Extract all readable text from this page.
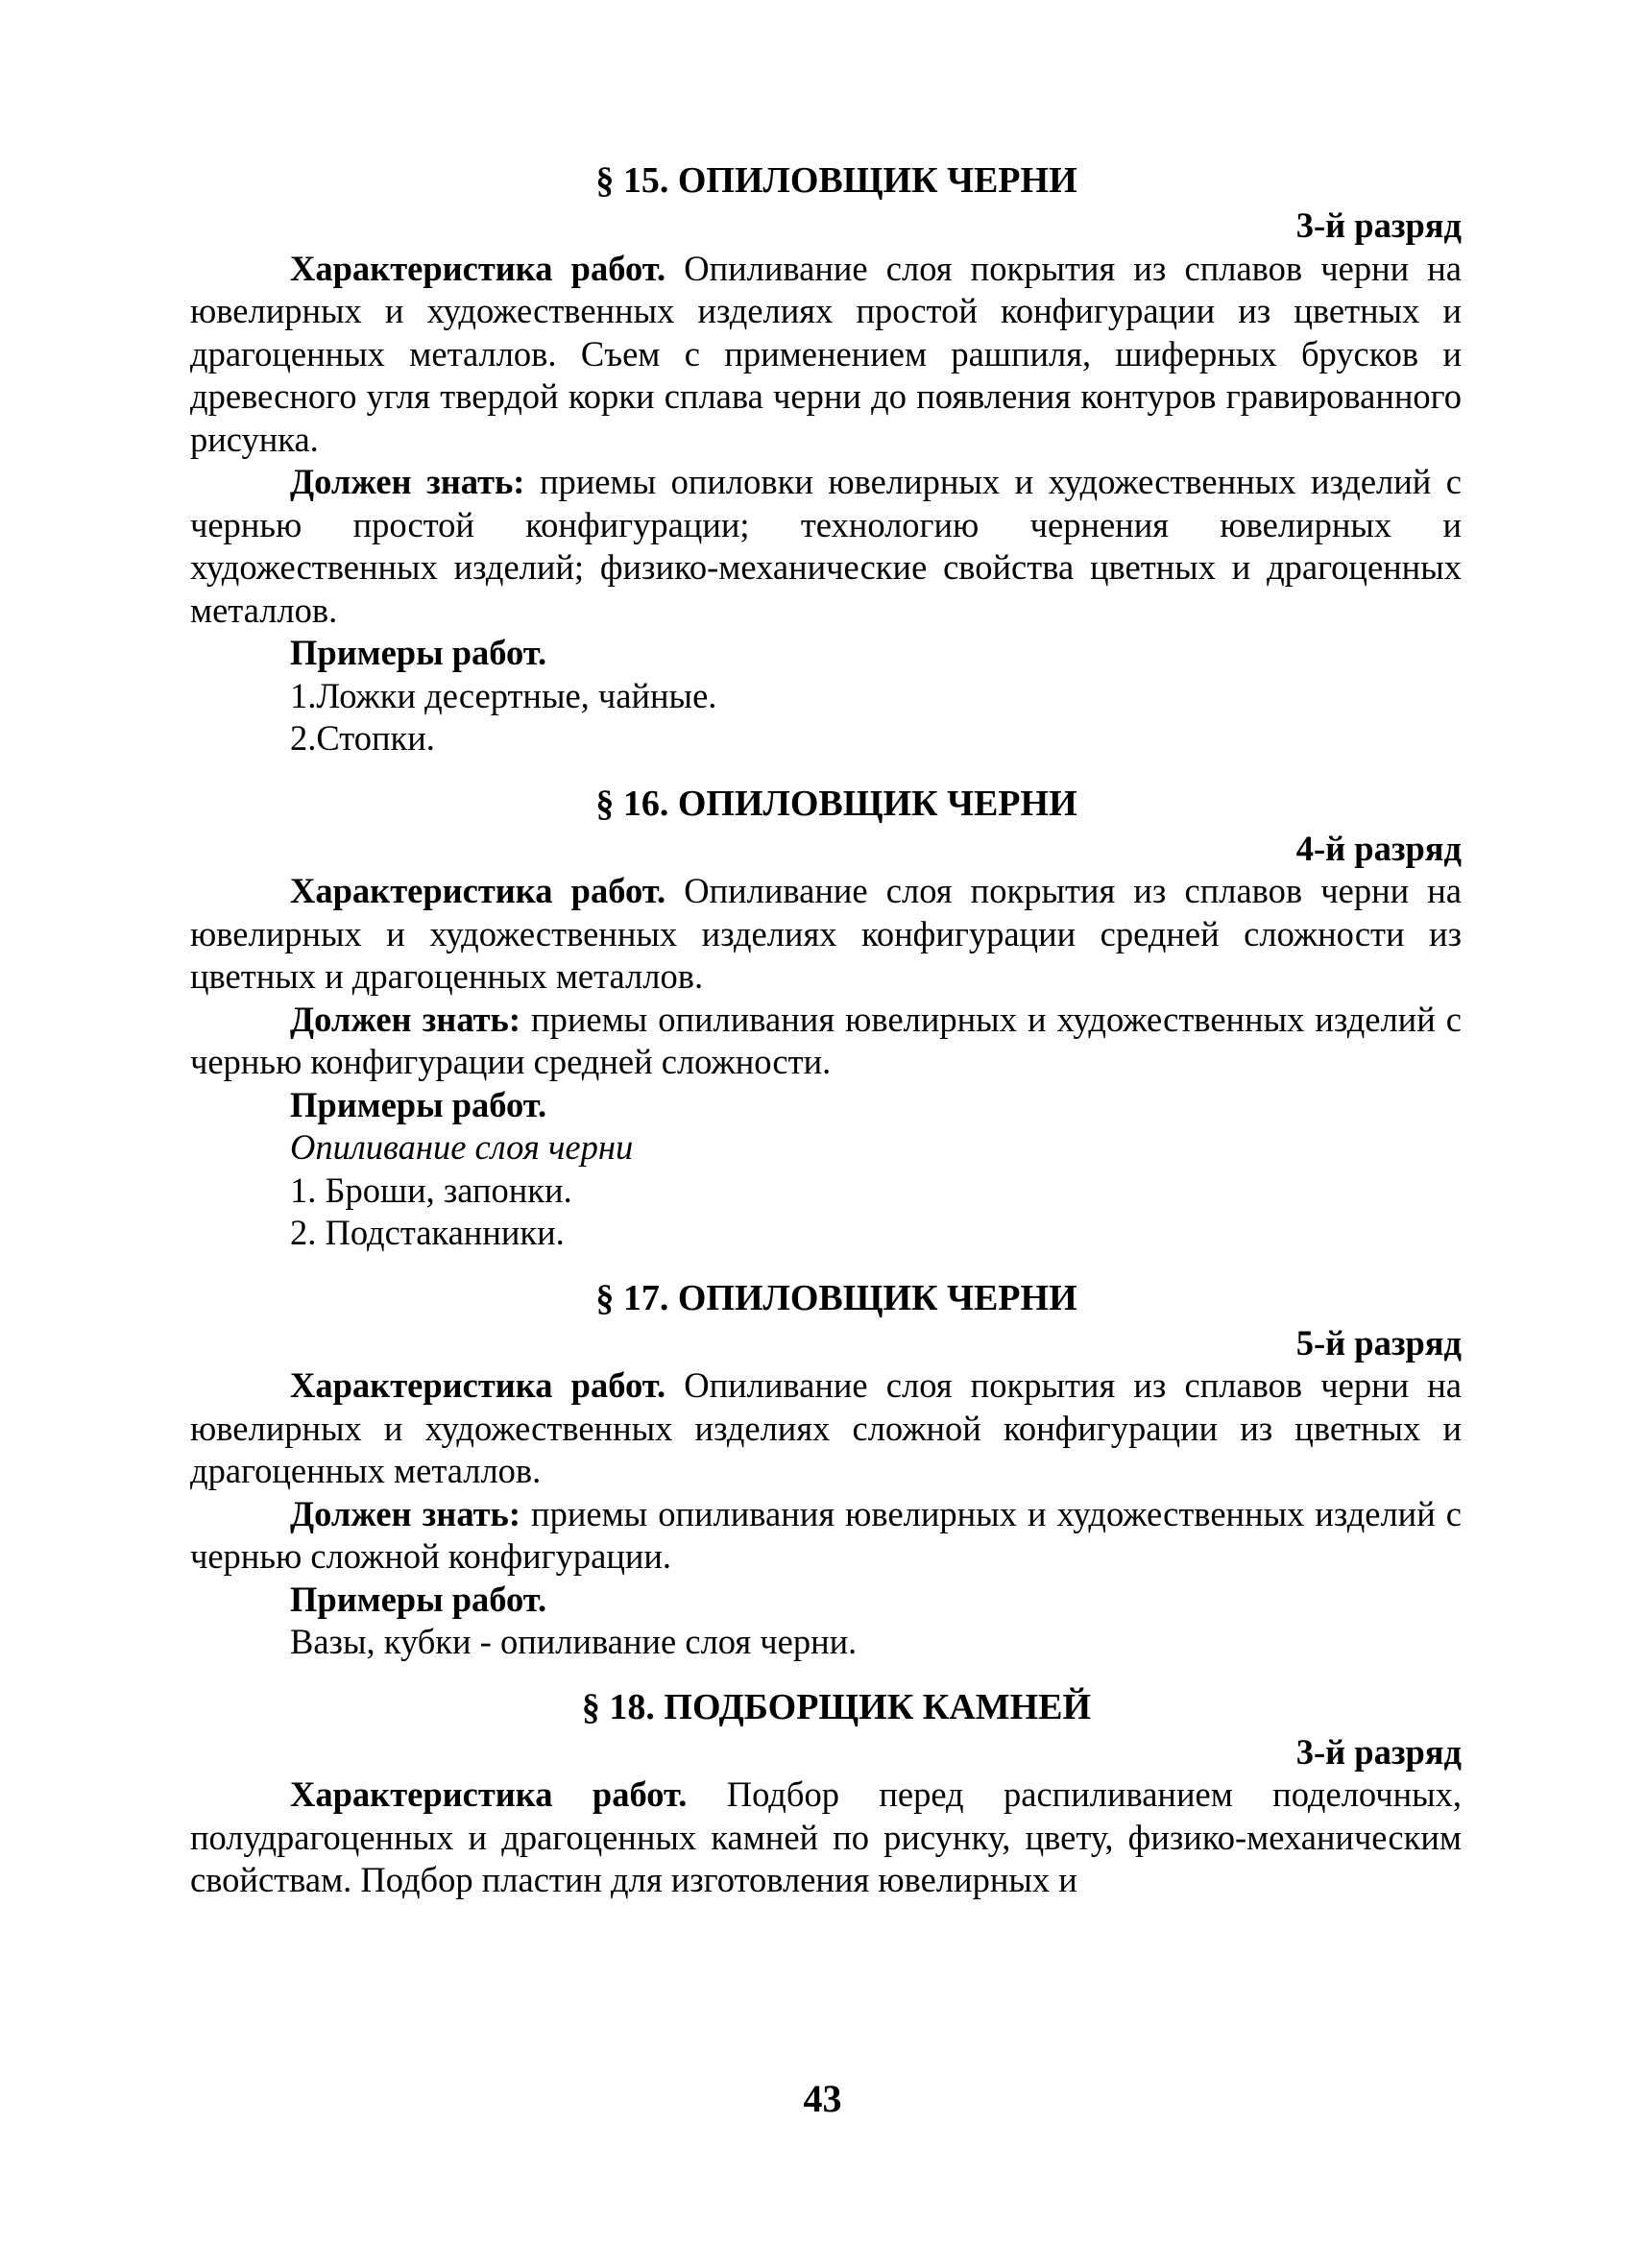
§ 15. ОПИЛОВЩИК ЧЕРНИ

3-й разряд

Характеристика работ. Опиливание слоя покрытия из сплавов черни на ювелирных и художественных изделиях простой конфигурации из цветных и драгоценных металлов. Съем с применением рашпиля, шиферных брусков и древесного угля твердой корки сплава черни до появления контуров гравированного рисунка.

Должен знать: приемы опиловки ювелирных и художественных изделий с чернью простой конфигурации; технологию чернения ювелирных и художественных изделий; физико-механические свойства цветных и драгоценных металлов.

Примеры работ.

1.Ложки десертные, чайные.

2.Стопки.

§ 16. ОПИЛОВЩИК ЧЕРНИ

4-й разряд

Характеристика работ. Опиливание слоя покрытия из сплавов черни на ювелирных и художественных изделиях конфигурации средней сложности из цветных и драгоценных металлов.

Должен знать: приемы опиливания ювелирных и художественных изделий с чернью конфигурации средней сложности.

Примеры работ.

Опиливание слоя черни

1. Броши, запонки.

2. Подстаканники.

§ 17. ОПИЛОВЩИК ЧЕРНИ

5-й разряд

Характеристика работ. Опиливание слоя покрытия из сплавов черни на ювелирных и художественных изделиях сложной конфигурации из цветных и драгоценных металлов.

Должен знать: приемы опиливания ювелирных и художественных изделий с чернью сложной конфигурации.

Примеры работ.

Вазы, кубки - опиливание слоя черни.

§ 18. ПОДБОРЩИК КАМНЕЙ

3-й разряд

Характеристика работ. Подбор перед распиливанием поделочных, полудрагоценных и драгоценных камней по рисунку, цвету, физико-механическим свойствам. Подбор пластин для изготовления ювелирных и

43
